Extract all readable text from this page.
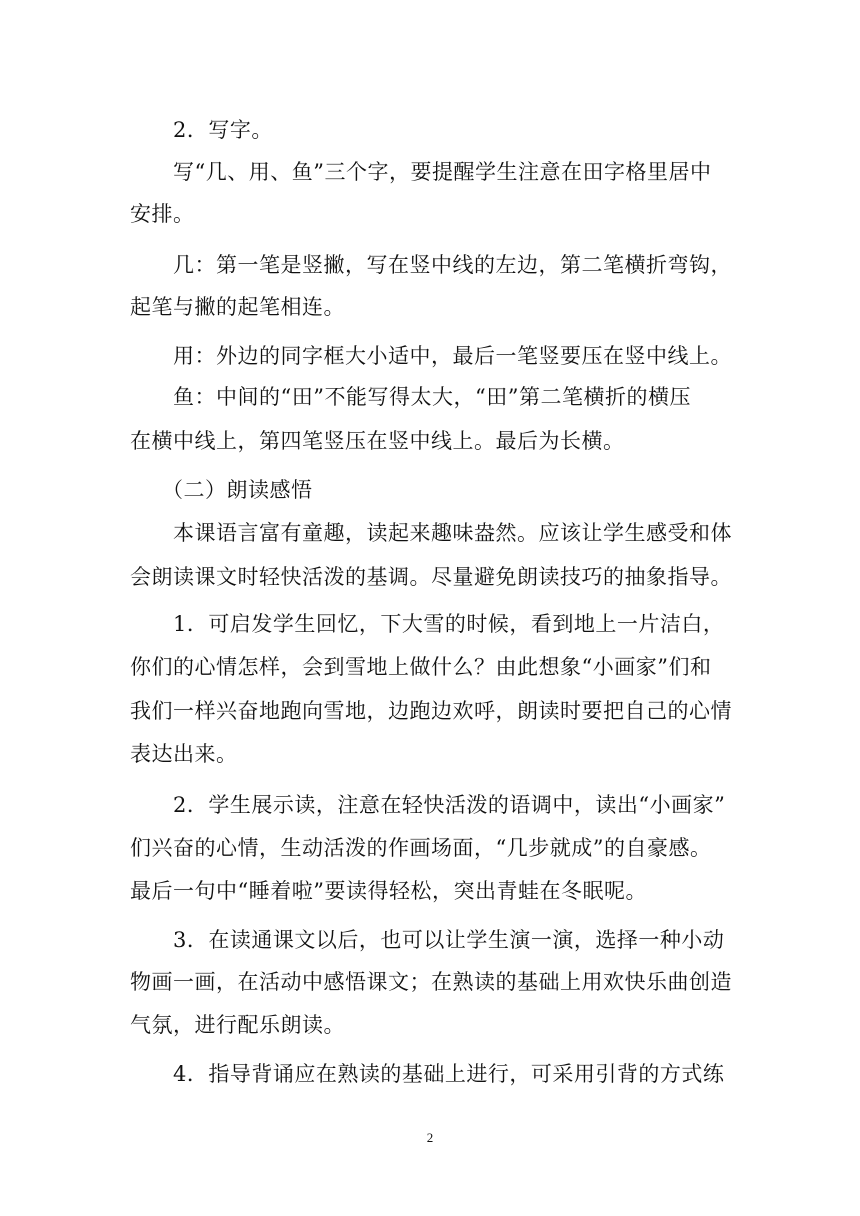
2．写字。
写“几、用、鱼”三个字，要提醒学生注意在田字格里居中
安排。
几：第一笔是竖撇，写在竖中线的左边，第二笔横折弯钩，
起笔与撇的起笔相连。
用：外边的同字框大小适中，最后一笔竖要压在竖中线上。
鱼：中间的“田”不能写得太大，“田”第二笔横折的横压
在横中线上，第四笔竖压在竖中线上。最后为长横。
（二）朗读感悟
本课语言富有童趣，读起来趣味盎然。应该让学生感受和体
会朗读课文时轻快活泼的基调。尽量避免朗读技巧的抽象指导。
1．可启发学生回忆，下大雪的时候，看到地上一片洁白，
你们的心情怎样，会到雪地上做什么？由此想象“小画家”们和
我们一样兴奋地跑向雪地，边跑边欢呼，朗读时要把自己的心情
表达出来。
2．学生展示读，注意在轻快活泼的语调中，读出“小画家”
们兴奋的心情，生动活泼的作画场面，“几步就成”的自豪感。
最后一句中“睡着啦”要读得轻松，突出青蛙在冬眠呢。
3．在读通课文以后，也可以让学生演一演，选择一种小动
物画一画，在活动中感悟课文；在熟读的基础上用欢快乐曲创造
气氛，进行配乐朗读。
4．指导背诵应在熟读的基础上进行，可采用引背的方式练
2
